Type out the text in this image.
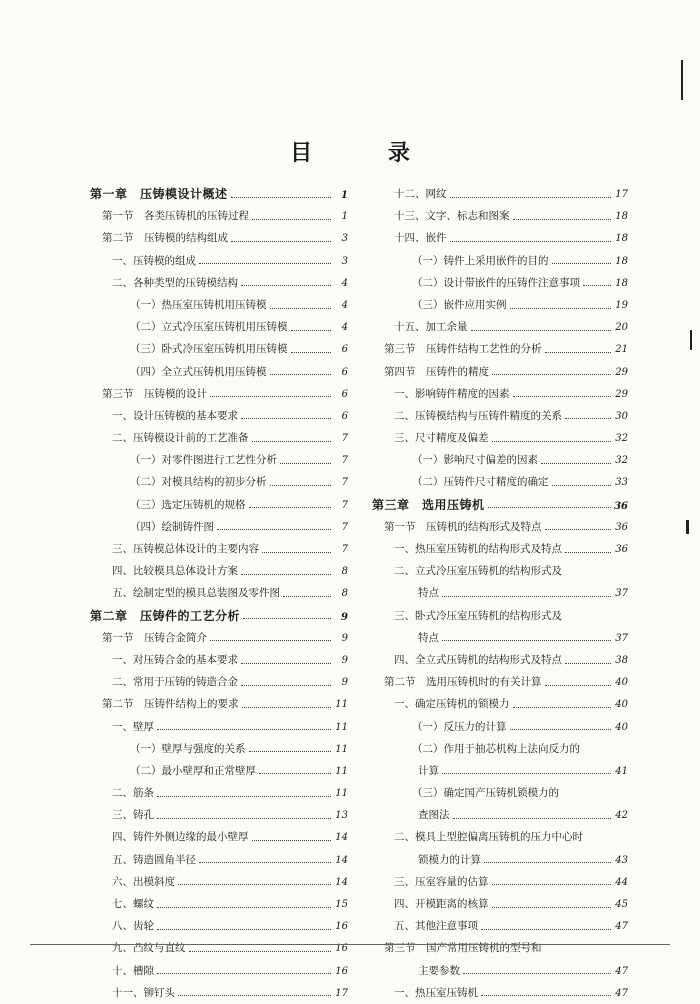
目 录
第一章　压铸模设计概述	1
第一节　各类压铸机的压铸过程	1
第二节　压铸模的结构组成	3
一、压铸模的组成	3
二、各种类型的压铸模结构	4
（一）热压室压铸机用压铸模	4
（二）立式冷压室压铸机用压铸模	4
（三）卧式冷压室压铸机用压铸模	6
（四）全立式压铸机用压铸模	6
第三节　压铸模的设计	6
一、设计压铸模的基本要求	6
二、压铸模设计前的工艺准备	7
（一）对零件图进行工艺性分析	7
（二）对模具结构的初步分析	7
（三）选定压铸机的规格	7
（四）绘制铸件图	7
三、压铸模总体设计的主要内容	7
四、比较模具总体设计方案	8
五、绘制定型的模具总装图及零件图	8
第二章　压铸件的工艺分析	9
第一节　压铸合金简介	9
一、对压铸合金的基本要求	9
二、常用于压铸的铸造合金	9
第二节　压铸件结构上的要求	11
一、壁厚	11
（一）壁厚与强度的关系	11
（二）最小壁厚和正常壁厚	11
二、筋条	11
三、铸孔	13
四、铸件外侧边缘的最小壁厚	14
五、铸造圆角半径	14
六、出模斜度	14
七、螺纹	15
八、齿轮	16
九、凸纹与直纹	16
十、槽隙	16
十一、铆钉头	17
十二、网纹	17
十三、文字、标志和图案	18
十四、嵌件	18
（一）铸件上采用嵌件的目的	18
（二）设计带嵌件的压铸件注意事项	18
（三）嵌件应用实例	19
十五、加工余量	20
第三节　压铸件结构工艺性的分析	21
第四节　压铸件的精度	29
一、影响铸件精度的因素	29
二、压铸模结构与压铸件精度的关系	30
三、尺寸精度及偏差	32
（一）影响尺寸偏差的因素	32
（二）压铸件尺寸精度的确定	33
第三章　选用压铸机	36
第一节　压铸机的结构形式及特点	36
一、热压室压铸机的结构形式及特点	36
二、立式冷压室压铸机的结构形式及
特点	37
三、卧式冷压室压铸机的结构形式及
特点	37
四、全立式压铸机的结构形式及特点	38
第二节　选用压铸机时的有关计算	40
一、确定压铸机的锁模力	40
（一）反压力的计算	40
（二）作用于抽芯机构上法向反力的
计算	41
（三）确定国产压铸机锁模力的
查图法	42
二、模具上型腔偏离压铸机的压力中心时
锁模力的计算	43
三、压室容量的估算	44
四、开模距离的核算	45
五、其他注意事项	47
第三节　国产常用压铸机的型号和
主要参数	47
一、热压室压铸机	47
